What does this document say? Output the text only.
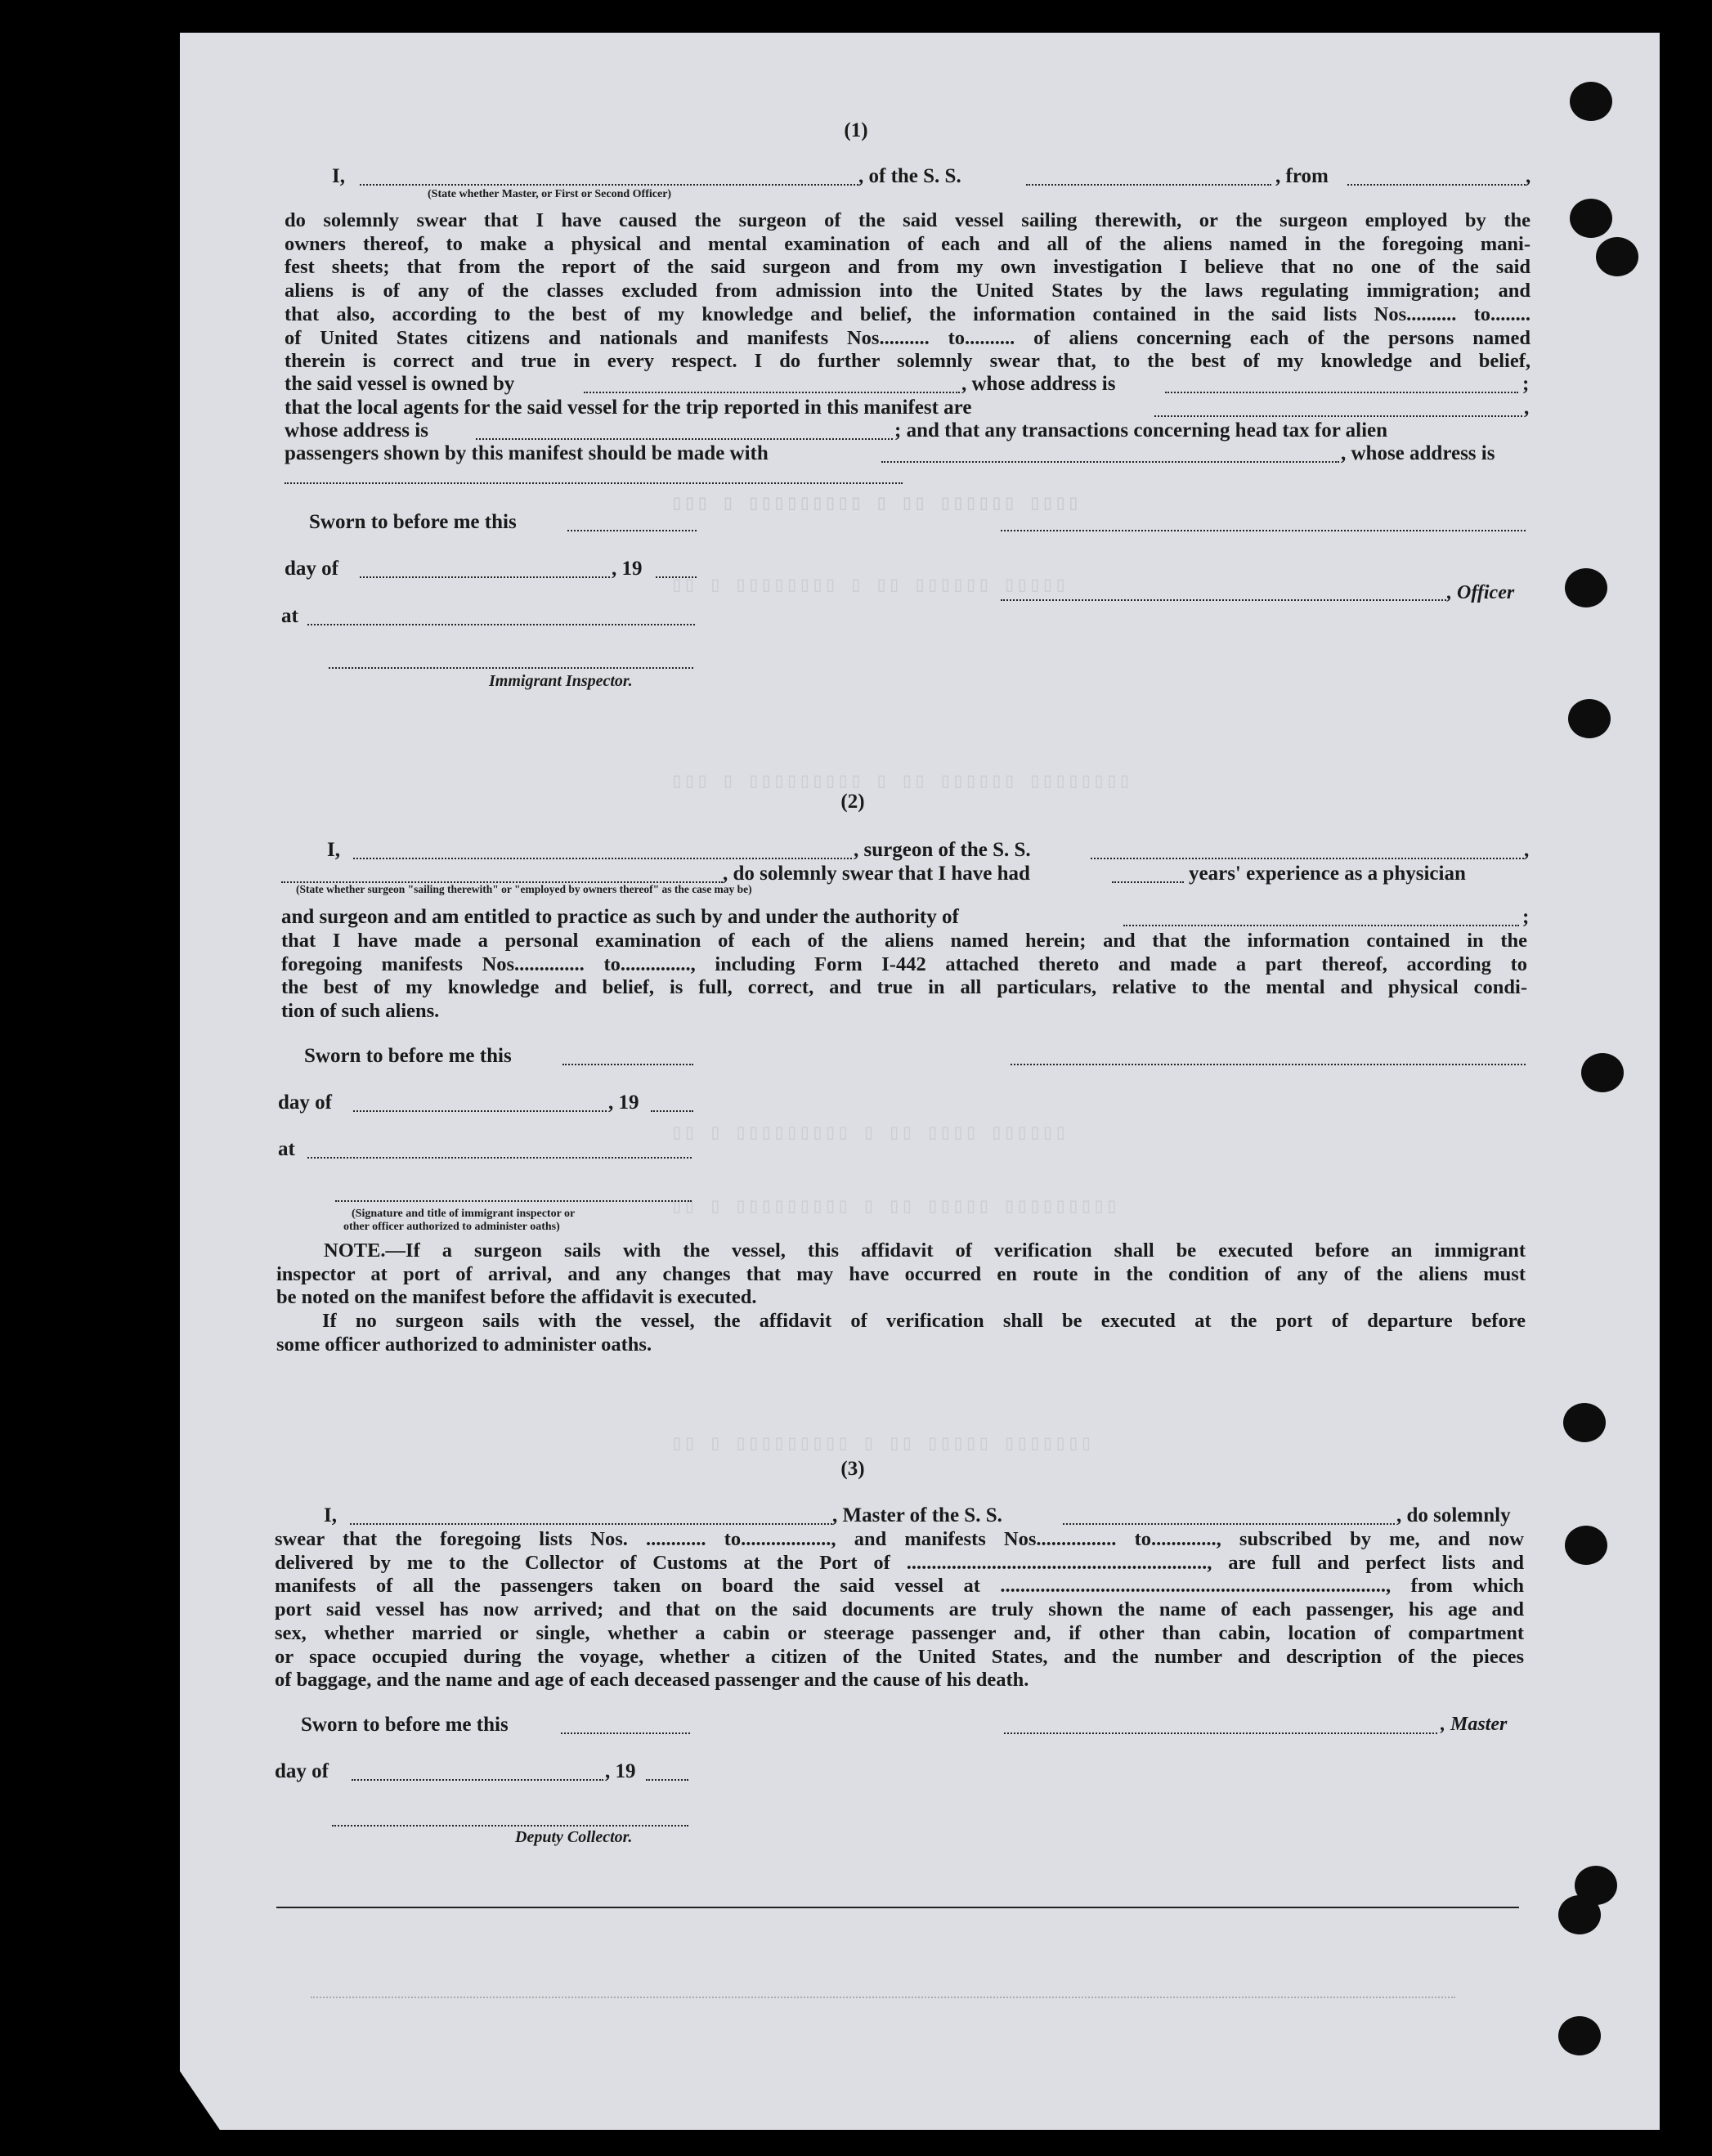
▯▯▯▯ ▯▯▯▯▯▯ ▯▯ ▯ ▯▯▯▯▯▯▯▯▯ ▯ ▯▯▯
▯▯▯▯▯ ▯▯▯▯▯▯ ▯▯ ▯ ▯▯▯▯▯▯▯▯ ▯ ▯▯
▯▯▯▯▯▯▯▯ ▯▯▯▯▯▯ ▯▯ ▯ ▯▯▯▯▯▯▯▯▯ ▯ ▯▯▯
▯▯▯▯▯▯ ▯▯▯▯ ▯▯ ▯ ▯▯▯▯▯▯▯▯▯ ▯ ▯▯
▯▯▯▯▯▯▯▯▯ ▯▯▯▯▯ ▯▯ ▯ ▯▯▯▯▯▯▯▯▯ ▯ ▯▯
▯▯▯▯▯▯▯ ▯▯▯▯▯ ▯▯ ▯ ▯▯▯▯▯▯▯▯▯ ▯ ▯▯
(1)
I,	, of the S. S.	, from	,
(State whether Master, or First or Second Officer)
do solemnly swear that I have caused the surgeon of the said vessel sailing therewith, or the surgeon employed by the
owners thereof, to make a physical and mental examination of each and all of the aliens named in the foregoing mani-
fest sheets; that from the report of the said surgeon and from my own investigation I believe that no one of the said
aliens is of any of the classes excluded from admission into the United States by the laws regulating immigration; and
that also, according to the best of my knowledge and belief, the information contained in the said lists Nos.......... to........
of United States citizens and nationals and manifests Nos.......... to.......... of aliens concerning each of the persons named
therein is correct and true in every respect. I do further solemnly swear that, to the best of my knowledge and belief,
the said vessel is owned by	, whose address is	;
that the local agents for the said vessel for the trip reported in this manifest are	,
whose address is	; and that any transactions concerning head tax for alien
passengers shown by this manifest should be made with	, whose address is
Sworn to before me this
day of	, 19
, Officer
at
Immigrant Inspector.
(2)
I,	, surgeon of the S. S.	,
, do solemnly swear that I have had	years' experience as a physician
(State whether surgeon "sailing therewith" or "employed by owners thereof" as the case may be)
and surgeon and am entitled to practice as such by and under the authority of	;
that I have made a personal examination of each of the aliens named herein; and that the information contained in the
foregoing manifests Nos.............. to.............., including Form I-442 attached thereto and made a part thereof, according to
the best of my knowledge and belief, is full, correct, and true in all particulars, relative to the mental and physical condi-
tion of such aliens.
Sworn to before me this
day of	, 19
at
(Signature and title of immigrant inspector or
other officer authorized to administer oaths)
NOTE.—If a surgeon sails with the vessel, this affidavit of verification shall be executed before an immigrant
inspector at port of arrival, and any changes that may have occurred en route in the condition of any of the aliens must
be noted on the manifest before the affidavit is executed.
If no surgeon sails with the vessel, the affidavit of verification shall be executed at the port of departure before
some officer authorized to administer oaths.
(3)
I,	, Master of the S. S.	, do solemnly
swear that the foregoing lists Nos. ............ to.................., and manifests Nos................ to............., subscribed by me, and now
delivered by me to the Collector of Customs at the Port of ............................................................, are full and perfect lists and
manifests of all the passengers taken on board the said vessel at ............................................................................., from which
port said vessel has now arrived; and that on the said documents are truly shown the name of each passenger, his age and
sex, whether married or single, whether a cabin or steerage passenger and, if other than cabin, location of compartment
or space occupied during the voyage, whether a citizen of the United States, and the number and description of the pieces
of baggage, and the name and age of each deceased passenger and the cause of his death.
Sworn to before me this	, Master
day of	, 19
Deputy Collector.
